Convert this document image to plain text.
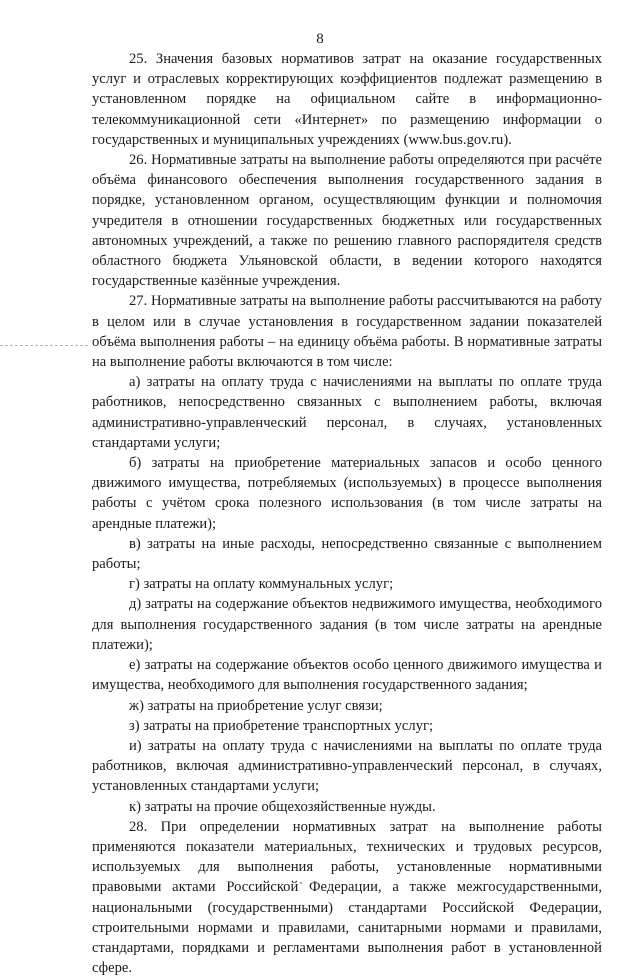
8

25. Значения базовых нормативов затрат на оказание государственных услуг и отраслевых корректирующих коэффициентов подлежат размещению в установленном порядке на официальном сайте в информационно-телекоммуникационной сети «Интернет» по размещению информации о государственных и муниципальных учреждениях (www.bus.gov.ru).

26. Нормативные затраты на выполнение работы определяются при расчёте объёма финансового обеспечения выполнения государственного задания в порядке, установленном органом, осуществляющим функции и полномочия учредителя в отношении государственных бюджетных или государственных автономных учреждений, а также по решению главного распорядителя средств областного бюджета Ульяновской области, в ведении которого находятся государственные казённые учреждения.

27. Нормативные затраты на выполнение работы рассчитываются на работу в целом или в случае установления в государственном задании показателей объёма выполнения работы – на единицу объёма работы. В нормативные затраты на выполнение работы включаются в том числе:

а) затраты на оплату труда с начислениями на выплаты по оплате труда работников, непосредственно связанных с выполнением работы, включая административно-управленческий персонал, в случаях, установленных стандартами услуги;

б) затраты на приобретение материальных запасов и особо ценного движимого имущества, потребляемых (используемых) в процессе выполнения работы с учётом срока полезного использования (в том числе затраты на арендные платежи);

в) затраты на иные расходы, непосредственно связанные с выполнением работы;

г) затраты на оплату коммунальных услуг;

д) затраты на содержание объектов недвижимого имущества, необходимого для выполнения государственного задания (в том числе затраты на арендные платежи);

е) затраты на содержание объектов особо ценного движимого имущества и имущества, необходимого для выполнения государственного задания;

ж) затраты на приобретение услуг связи;

з) затраты на приобретение транспортных услуг;

и) затраты на оплату труда с начислениями на выплаты по оплате труда работников, включая административно-управленческий персонал, в случаях, установленных стандартами услуги;

к) затраты на прочие общехозяйственные нужды.

28. При определении нормативных затрат на выполнение работы применяются показатели материальных, технических и трудовых ресурсов, используемых для выполнения работы, установленные нормативными правовыми актами Российской Федерации, а также межгосударственными, национальными (государственными) стандартами Российской Федерации, строительными нормами и правилами, санитарными нормами и правилами, стандартами, порядками и регламентами выполнения работ в установленной сфере.
